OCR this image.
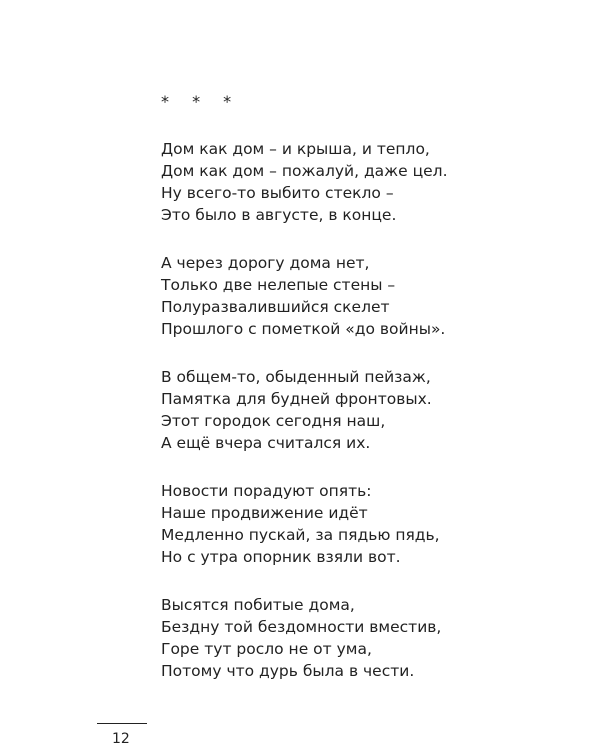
* * *
Дом как дом – и крыша, и тепло,
Дом как дом – пожалуй, даже цел.
Ну всего-то выбито стекло –
Это было в августе, в конце.
А через дорогу дома нет,
Только две нелепые стены –
Полуразвалившийся скелет
Прошлого с пометкой «до войны».
В общем-то, обыденный пейзаж,
Памятка для будней фронтовых.
Этот городок сегодня наш,
А ещё вчера считался их.
Новости порадуют опять:
Наше продвижение идёт
Медленно пускай, за пядью пядь,
Но с утра опорник взяли вот.
Высятся побитые дома,
Бездну той бездомности вместив,
Горе тут росло не от ума,
Потому что дурь была в чести.
12
